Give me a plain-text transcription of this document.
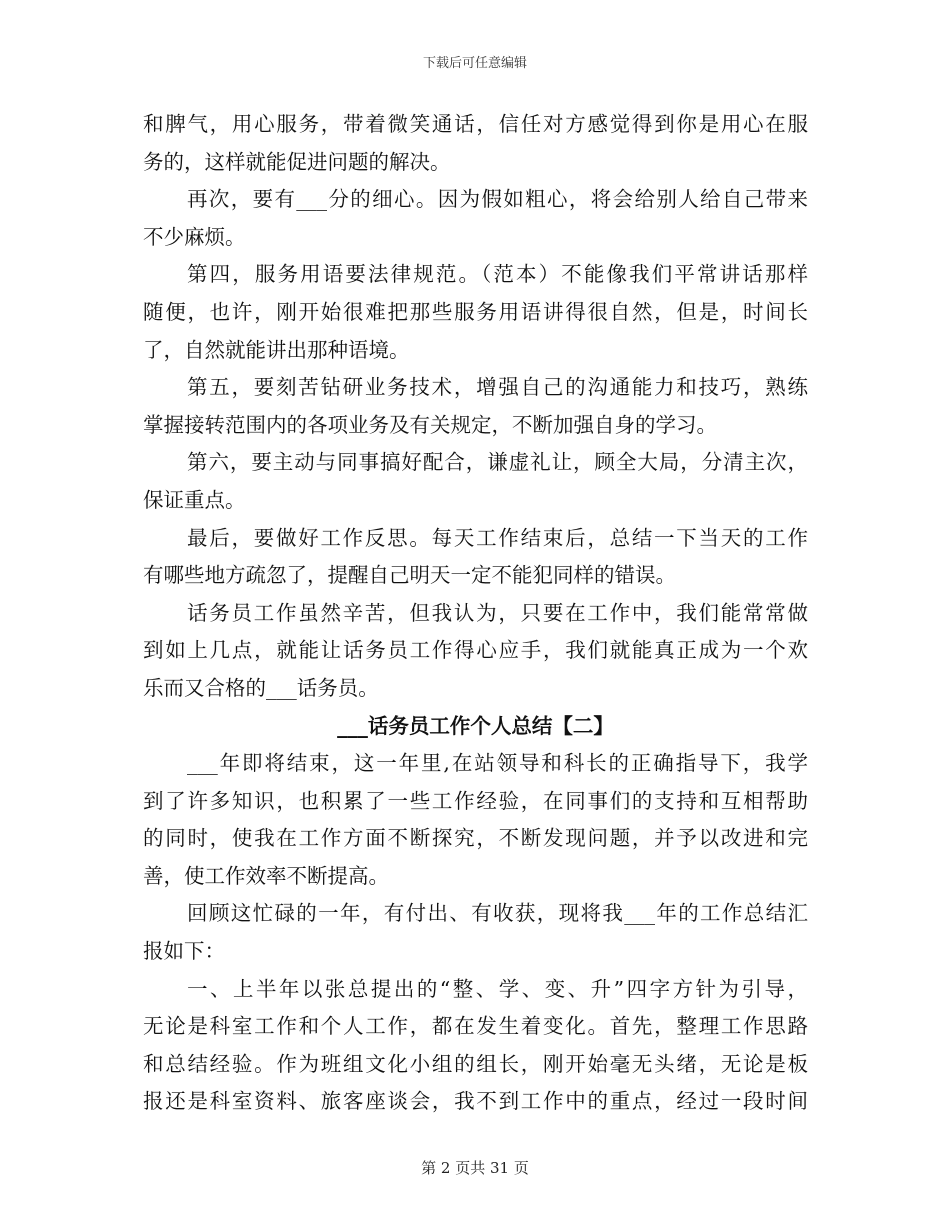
下载后可任意编辑
和脾气，用心服务，带着微笑通话，信任对方感觉得到你是用心在服
务的，这样就能促进问题的解决。
再次，要有___分的细心。因为假如粗心，将会给别人给自己带来
不少麻烦。
第四，服务用语要法律规范。（范本）不能像我们平常讲话那样
随便，也许，刚开始很难把那些服务用语讲得很自然，但是，时间长
了，自然就能讲出那种语境。
第五，要刻苦钻研业务技术，增强自己的沟通能力和技巧，熟练
掌握接转范围内的各项业务及有关规定，不断加强自身的学习。
第六，要主动与同事搞好配合，谦虚礼让，顾全大局，分清主次，
保证重点。
最后，要做好工作反思。每天工作结束后，总结一下当天的工作
有哪些地方疏忽了，提醒自己明天一定不能犯同样的错误。
话务员工作虽然辛苦，但我认为，只要在工作中，我们能常常做
到如上几点，就能让话务员工作得心应手，我们就能真正成为一个欢
乐而又合格的___话务员。
___话务员工作个人总结【二】
___年即将结束，这一年里,在站领导和科长的正确指导下，我学
到了许多知识，也积累了一些工作经验，在同事们的支持和互相帮助
的同时，使我在工作方面不断探究，不断发现问题，并予以改进和完
善，使工作效率不断提高。
回顾这忙碌的一年，有付出、有收获，现将我___年的工作总结汇
报如下：
一、上半年以张总提出的“整、学、变、升”四字方针为引导，
无论是科室工作和个人工作，都在发生着变化。首先，整理工作思路
和总结经验。作为班组文化小组的组长，刚开始毫无头绪，无论是板
报还是科室资料、旅客座谈会，我不到工作中的重点，经过一段时间
第 2 页共 31 页
